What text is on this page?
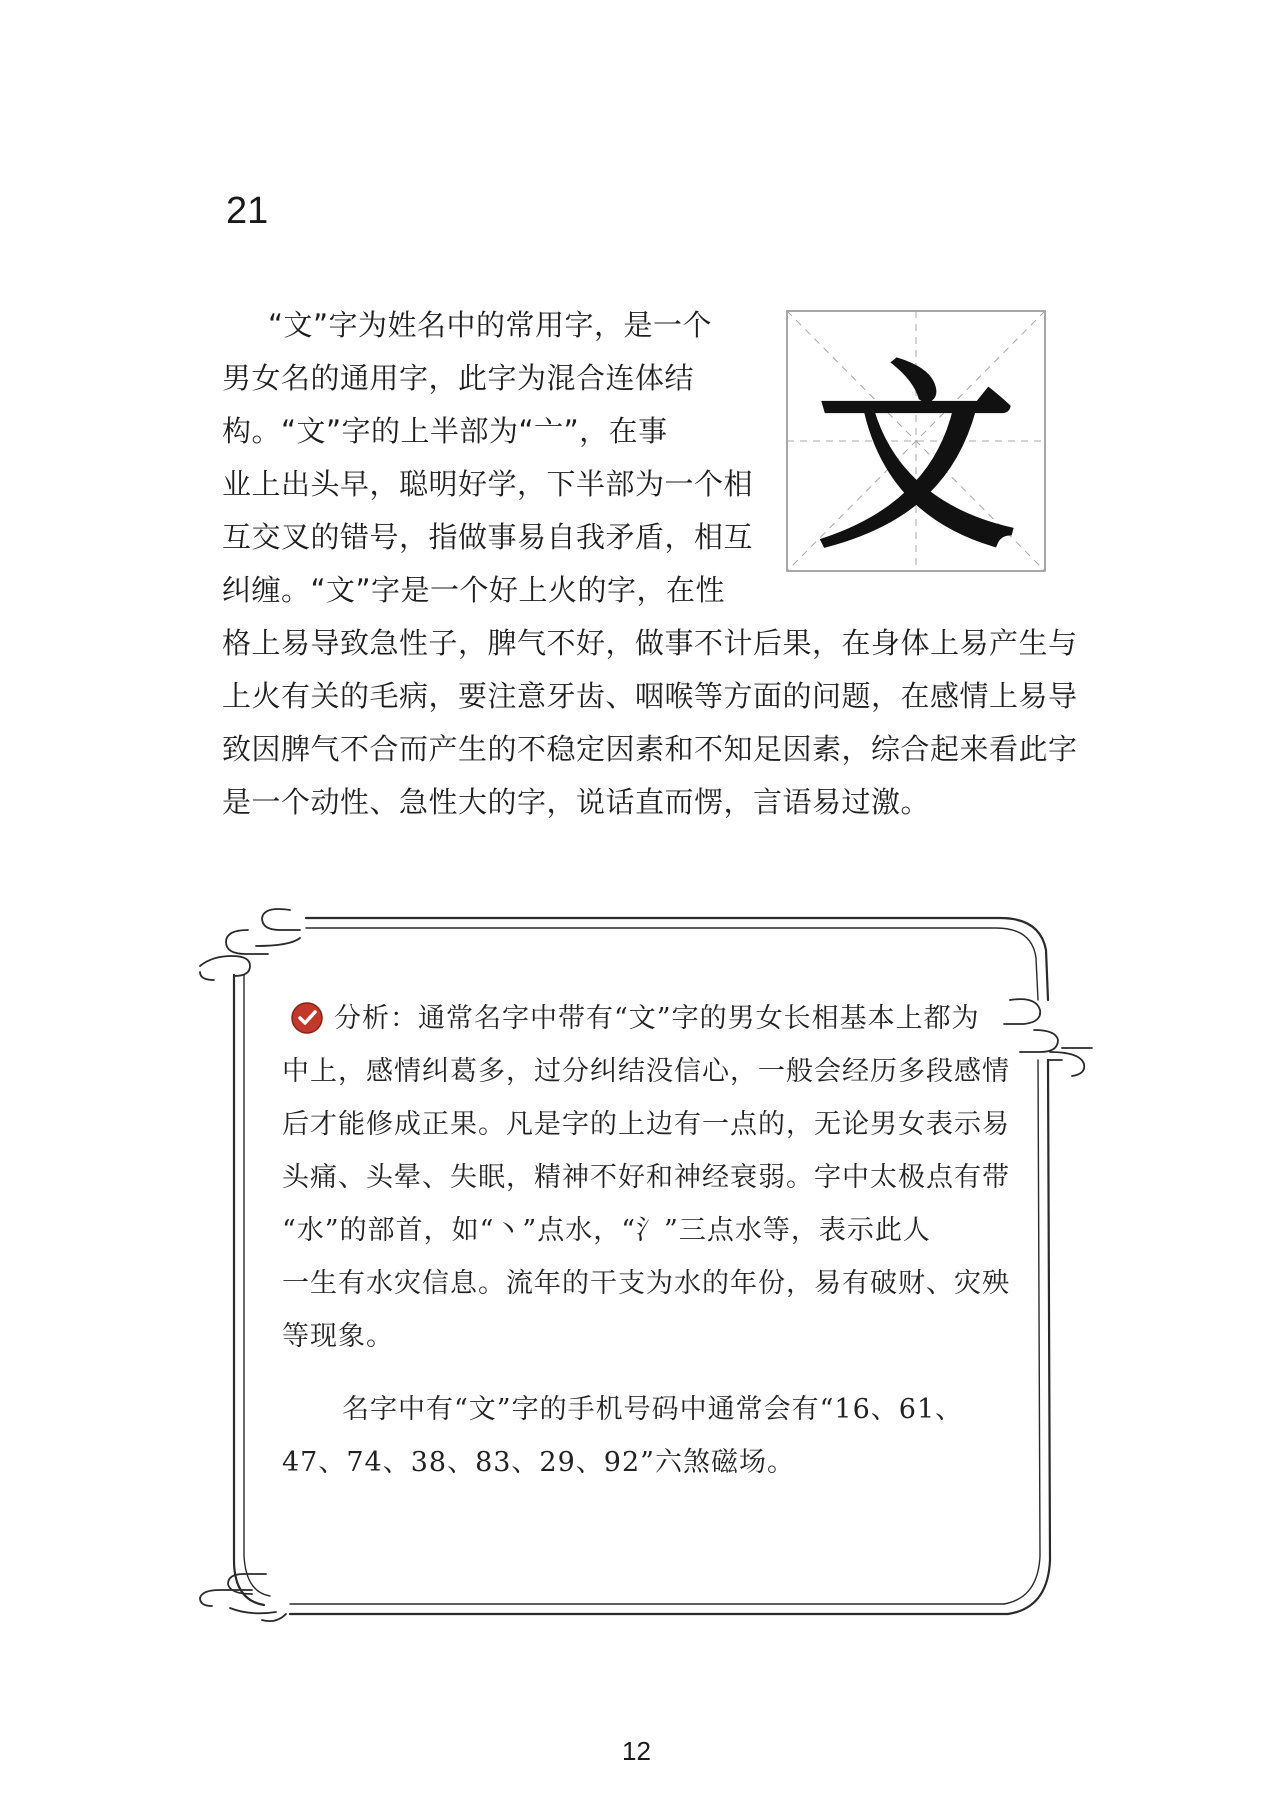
21
“文”字为姓名中的常用字，是一个
男女名的通用字，此字为混合连体结
构。“文”字的上半部为“亠”，在事
业上出头早，聪明好学，下半部为一个相
互交叉的错号，指做事易自我矛盾，相互
纠缠。“文”字是一个好上火的字，在性
格上易导致急性子，脾气不好，做事不计后果，在身体上易产生与
上火有关的毛病，要注意牙齿、咽喉等方面的问题，在感情上易导
致因脾气不合而产生的不稳定因素和不知足因素，综合起来看此字
是一个动性、急性大的字，说话直而愣，言语易过激。
文
分析： 通常名字中带有“文”字的男女长相基本上都为
中上，感情纠葛多，过分纠结没信心，一般会经历多段感情
后才能修成正果。凡是字的上边有一点的，无论男女表示易
头痛、头晕、失眠，精神不好和神经衰弱。字中太极点有带
“水”的部首，如“丶”点水，“氵”三点水等，表示此人
一生有水灾信息。流年的干支为水的年份，易有破财、灾殃
等现象。
名字中有“文”字的手机号码中通常会有“16、61、
47、74、38、83、29、92”六煞磁场。
12
